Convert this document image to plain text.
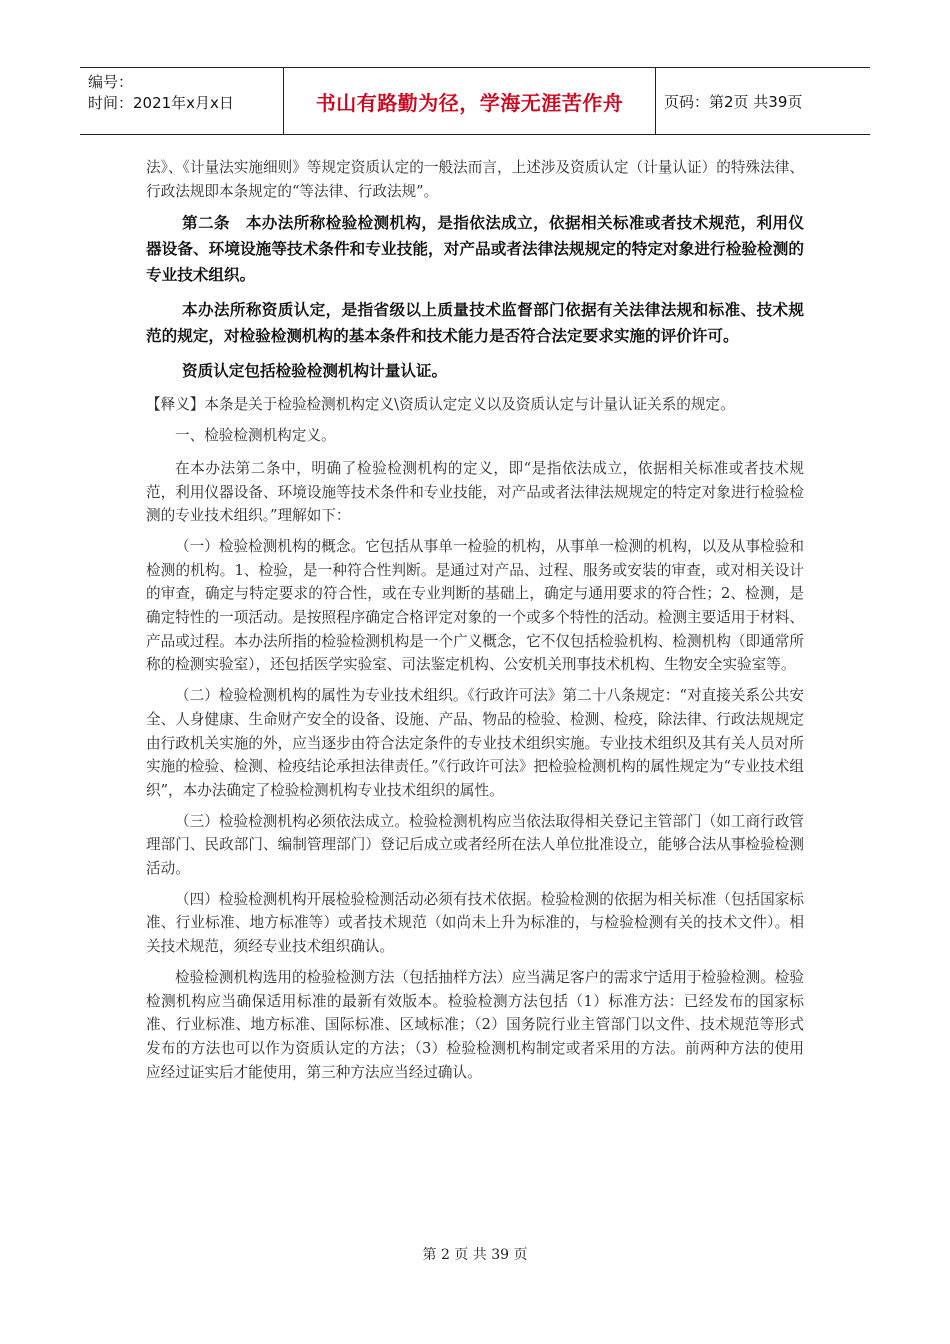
编号：
时间：2021年x月x日	书山有路勤为径，学海无涯苦作舟	页码：第2页 共39页

法》、《计量法实施细则》等规定资质认定的一般法而言，上述涉及资质认定（计量认证）的特殊法律、行政法规即本条规定的“等法律、行政法规”。

第二条　本办法所称检验检测机构，是指依法成立，依据相关标准或者技术规范，利用仪器设备、环境设施等技术条件和专业技能，对产品或者法律法规规定的特定对象进行检验检测的专业技术组织。

本办法所称资质认定，是指省级以上质量技术监督部门依据有关法律法规和标准、技术规范的规定，对检验检测机构的基本条件和技术能力是否符合法定要求实施的评价许可。

资质认定包括检验检测机构计量认证。

【释义】本条是关于检验检测机构定义\资质认定定义以及资质认定与计量认证关系的规定。

一、检验检测机构定义。

在本办法第二条中，明确了检验检测机构的定义，即“是指依法成立，依据相关标准或者技术规范，利用仪器设备、环境设施等技术条件和专业技能，对产品或者法律法规规定的特定对象进行检验检测的专业技术组织。”理解如下：

（一）检验检测机构的概念。它包括从事单一检验的机构，从事单一检测的机构，以及从事检验和检测的机构。1、检验，是一种符合性判断。是通过对产品、过程、服务或安装的审查，或对相关设计的审查，确定与特定要求的符合性，或在专业判断的基础上，确定与通用要求的符合性；2、检测，是确定特性的一项活动。是按照程序确定合格评定对象的一个或多个特性的活动。检测主要适用于材料、产品或过程。本办法所指的检验检测机构是一个广义概念，它不仅包括检验机构、检测机构（即通常所称的检测实验室），还包括医学实验室、司法鉴定机构、公安机关刑事技术机构、生物安全实验室等。

（二）检验检测机构的属性为专业技术组织。《行政许可法》第二十八条规定：“对直接关系公共安全、人身健康、生命财产安全的设备、设施、产品、物品的检验、检测、检疫，除法律、行政法规规定由行政机关实施的外，应当逐步由符合法定条件的专业技术组织实施。专业技术组织及其有关人员对所实施的检验、检测、检疫结论承担法律责任。”《行政许可法》把检验检测机构的属性规定为“专业技术组织”，本办法确定了检验检测机构专业技术组织的属性。

（三）检验检测机构必须依法成立。检验检测机构应当依法取得相关登记主管部门（如工商行政管理部门、民政部门、编制管理部门）登记后成立或者经所在法人单位批准设立，能够合法从事检验检测活动。

（四）检验检测机构开展检验检测活动必须有技术依据。检验检测的依据为相关标准（包括国家标准、行业标准、地方标准等）或者技术规范（如尚未上升为标准的，与检验检测有关的技术文件）。相关技术规范，须经专业技术组织确认。

检验检测机构选用的检验检测方法（包括抽样方法）应当满足客户的需求宁适用于检验检测。检验检测机构应当确保适用标准的最新有效版本。检验检测方法包括（1）标准方法：已经发布的国家标准、行业标准、地方标准、国际标准、区域标准；（2）国务院行业主管部门以文件、技术规范等形式发布的方法也可以作为资质认定的方法；（3）检验检测机构制定或者采用的方法。前两种方法的使用应经过证实后才能使用，第三种方法应当经过确认。

第 2 页 共 39 页
